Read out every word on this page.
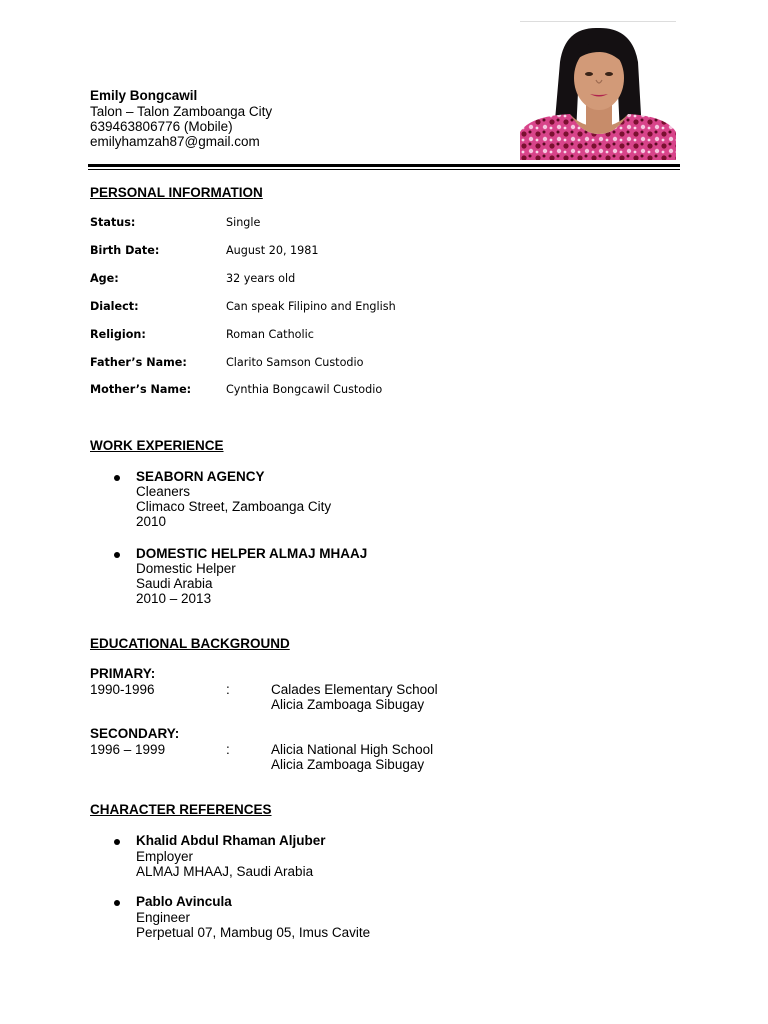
Emily Bongcawil
Talon – Talon Zamboanga City
639463806776 (Mobile)
emilyhamzah87@gmail.com
PERSONAL INFORMATION
Status:	Single
Birth Date:	August 20, 1981
Age:	32 years old
Dialect:	Can speak Filipino and English
Religion:	Roman Catholic
Father’s Name:	Clarito Samson Custodio
Mother’s Name:	Cynthia Bongcawil Custodio
WORK EXPERIENCE
SEABORN AGENCY
Cleaners
Climaco Street, Zamboanga City
2010
DOMESTIC HELPER ALMAJ MHAAJ
Domestic Helper
Saudi Arabia
2010 – 2013
EDUCATIONAL BACKGROUND
PRIMARY:
1990-1996	:	Calades Elementary School
Alicia Zamboaga Sibugay
SECONDARY:
1996 – 1999	:	Alicia National High School
Alicia Zamboaga Sibugay
CHARACTER REFERENCES
Khalid Abdul Rhaman Aljuber
Employer
ALMAJ MHAAJ, Saudi Arabia
Pablo Avincula
Engineer
Perpetual 07, Mambug 05, Imus Cavite
